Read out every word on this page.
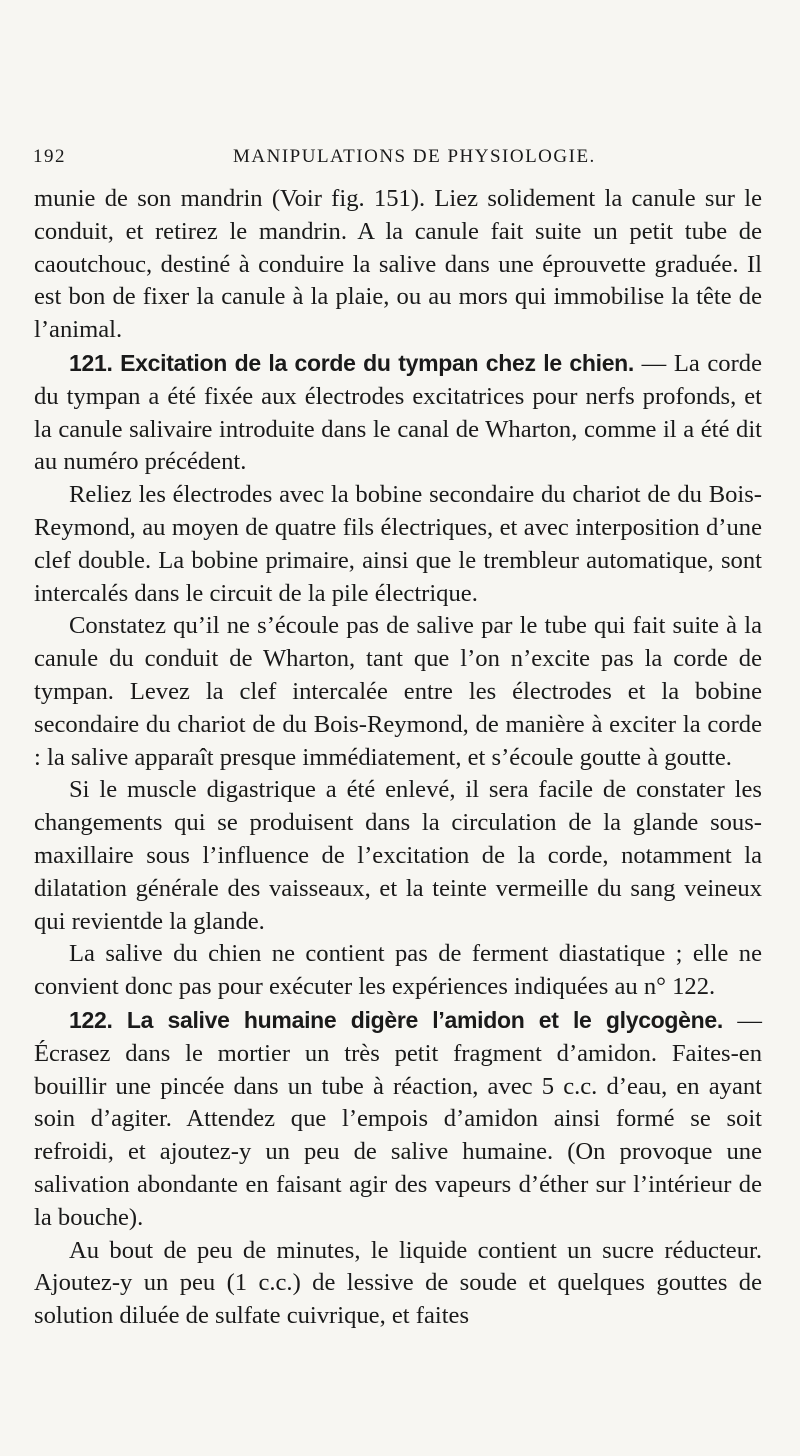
192	MANIPULATIONS DE PHYSIOLOGIE.

munie de son mandrin (Voir fig. 151). Liez solidement la canule sur le conduit, et retirez le mandrin. A la canule fait suite un petit tube de caoutchouc, destiné à conduire la salive dans une éprouvette graduée. Il est bon de fixer la canule à la plaie, ou au mors qui immobilise la tête de l’animal.

121. Excitation de la corde du tympan chez le chien. — La corde du tympan a été fixée aux électrodes excitatrices pour nerfs profonds, et la canule salivaire introduite dans le canal de Wharton, comme il a été dit au numéro précédent.

Reliez les électrodes avec la bobine secondaire du chariot de du Bois-Reymond, au moyen de quatre fils électriques, et avec interposition d’une clef double. La bobine primaire, ainsi que le trembleur automatique, sont intercalés dans le circuit de la pile électrique.

Constatez qu’il ne s’écoule pas de salive par le tube qui fait suite à la canule du conduit de Wharton, tant que l’on n’excite pas la corde de tympan. Levez la clef intercalée entre les électrodes et la bobine secondaire du chariot de du Bois-Reymond, de manière à exciter la corde : la salive apparaît presque immédiatement, et s’écoule goutte à goutte.

Si le muscle digastrique a été enlevé, il sera facile de constater les changements qui se produisent dans la circulation de la glande sous-maxillaire sous l’influence de l’excitation de la corde, notamment la dilatation générale des vaisseaux, et la teinte vermeille du sang veineux qui revientde la glande.

La salive du chien ne contient pas de ferment diastatique ; elle ne convient donc pas pour exécuter les expériences indiquées au n° 122.

122. La salive humaine digère l’amidon et le glycogène. — Écrasez dans le mortier un très petit fragment d’amidon. Faites-en bouillir une pincée dans un tube à réaction, avec 5 c.c. d’eau, en ayant soin d’agiter. Attendez que l’empois d’amidon ainsi formé se soit refroidi, et ajoutez-y un peu de salive humaine. (On provoque une salivation abondante en faisant agir des vapeurs d’éther sur l’intérieur de la bouche).

Au bout de peu de minutes, le liquide contient un sucre réducteur. Ajoutez-y un peu (1 c.c.) de lessive de soude et quelques gouttes de solution diluée de sulfate cuivrique, et faites
